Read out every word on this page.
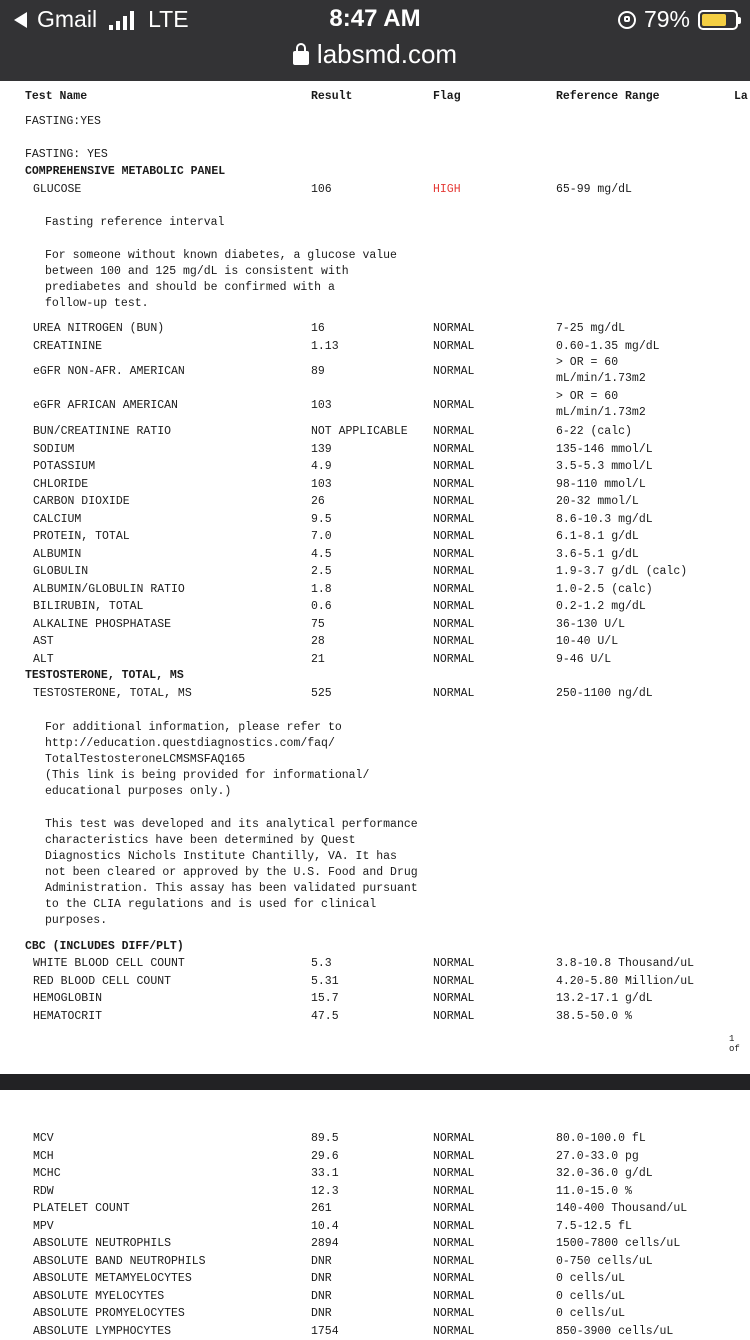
Gmail LTE	8:47 AM	79%
labsmd.com
Test Name	Result	Flag	Reference Range	La
FASTING:YES
FASTING: YES
COMPREHENSIVE METABOLIC PANEL
GLUCOSE	106	HIGH	65-99 mg/dL
Fasting reference interval
For someone without known diabetes, a glucose value
between 100 and 125 mg/dL is consistent with
prediabetes and should be confirmed with a
follow-up test.
UREA NITROGEN (BUN)	16	NORMAL	7-25 mg/dL
CREATININE	1.13	NORMAL	0.60-1.35 mg/dL
eGFR NON-AFR. AMERICAN	89	NORMAL
> OR = 60
mL/min/1.73m2
eGFR AFRICAN AMERICAN	103	NORMAL
> OR = 60
mL/min/1.73m2
BUN/CREATININE RATIO	NOT APPLICABLE NORMAL	6-22 (calc)
SODIUM	139	NORMAL	135-146 mmol/L
POTASSIUM	4.9	NORMAL	3.5-5.3 mmol/L
CHLORIDE	103	NORMAL	98-110 mmol/L
CARBON DIOXIDE	26	NORMAL	20-32 mmol/L
CALCIUM	9.5	NORMAL	8.6-10.3 mg/dL
PROTEIN, TOTAL	7.0	NORMAL	6.1-8.1 g/dL
ALBUMIN	4.5	NORMAL	3.6-5.1 g/dL
GLOBULIN	2.5	NORMAL	1.9-3.7 g/dL (calc)
ALBUMIN/GLOBULIN RATIO	1.8	NORMAL	1.0-2.5 (calc)
BILIRUBIN, TOTAL	0.6	NORMAL	0.2-1.2 mg/dL
ALKALINE PHOSPHATASE	75	NORMAL	36-130 U/L
AST	28	NORMAL	10-40 U/L
ALT	21	NORMAL	9-46 U/L
TESTOSTERONE, TOTAL, MS
TESTOSTERONE, TOTAL, MS	525	NORMAL	250-1100 ng/dL
For additional information, please refer to
http://education.questdiagnostics.com/faq/
TotalTestosteroneLCMSMSFAQ165
(This link is being provided for informational/
educational purposes only.)
This test was developed and its analytical performance
characteristics have been determined by Quest
Diagnostics Nichols Institute Chantilly, VA. It has
not been cleared or approved by the U.S. Food and Drug
Administration. This assay has been validated pursuant
to the CLIA regulations and is used for clinical
purposes.
CBC (INCLUDES DIFF/PLT)
WHITE BLOOD CELL COUNT	5.3	NORMAL	3.8-10.8 Thousand/uL
RED BLOOD CELL COUNT	5.31	NORMAL	4.20-5.80 Million/uL
HEMOGLOBIN	15.7	NORMAL	13.2-17.1 g/dL
HEMATOCRIT	47.5	NORMAL	38.5-50.0 %
1 of
MCV	89.5	NORMAL	80.0-100.0 fL
MCH	29.6	NORMAL	27.0-33.0 pg
MCHC	33.1	NORMAL	32.0-36.0 g/dL
RDW	12.3	NORMAL	11.0-15.0 %
PLATELET COUNT	261	NORMAL	140-400 Thousand/uL
MPV	10.4	NORMAL	7.5-12.5 fL
ABSOLUTE NEUTROPHILS	2894	NORMAL	1500-7800 cells/uL
ABSOLUTE BAND NEUTROPHILS	DNR	NORMAL	0-750 cells/uL
ABSOLUTE METAMYELOCYTES	DNR	NORMAL	0 cells/uL
ABSOLUTE MYELOCYTES	DNR	NORMAL	0 cells/uL
ABSOLUTE PROMYELOCYTES	DNR	NORMAL	0 cells/uL
ABSOLUTE LYMPHOCYTES	1754	NORMAL	850-3900 cells/uL
